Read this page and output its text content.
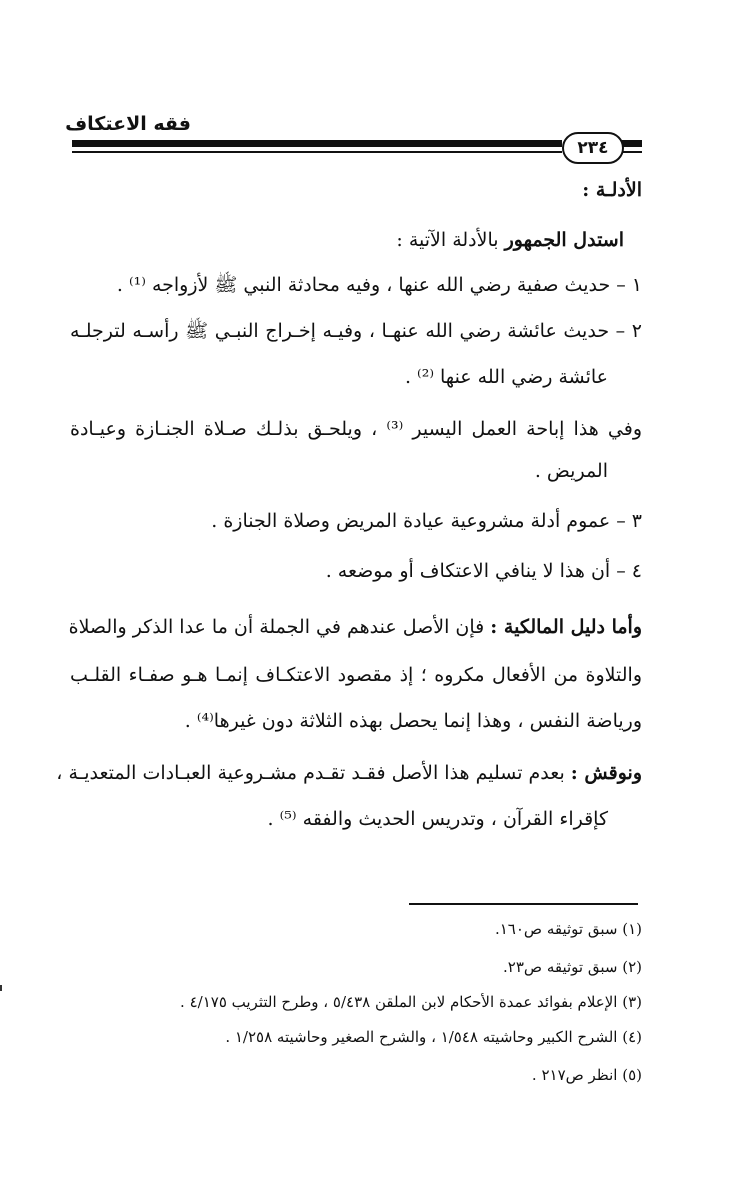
فقه الاعتكاف
٢٣٤
الأدلـة :
استدل الجمهور بالأدلة الآتية :
١ – حديث صفية رضي الله عنها ، وفيه محادثة النبي ﷺ لأزواجه ⁽¹⁾ .
٢ – حديث عائشة رضي الله عنهـا ، وفيـه إخـراج النبـي ﷺ رأسـه لترجلـه
عائشة رضي الله عنها ⁽²⁾ .
وفي هذا إباحة العمل اليسير ⁽³⁾ ، ويلحـق بذلـك صـلاة الجنـازة وعيـادة
المريض .
٣ – عموم أدلة مشروعية عيادة المريض وصلاة الجنازة .
٤ – أن هذا لا ينافي الاعتكاف أو موضعه .
وأما دليل المالكية : فإن الأصل عندهم في الجملة أن ما عدا الذكر والصلاة
والتلاوة من الأفعال مكروه ؛ إذ مقصود الاعتكـاف إنمـا هـو صفـاء القلـب
ورياضة النفس ، وهذا إنما يحصل بهذه الثلاثة دون غيرها⁽⁴⁾ .
ونوقش : بعدم تسليم هذا الأصل فقـد تقـدم مشـروعية العبـادات المتعديـة ،
كإقراء القرآن ، وتدريس الحديث والفقه ⁽⁵⁾ .
(١) سبق توثيقه ص١٦٠.
(٢) سبق توثيقه ص٢٣.
(٣) الإعلام بفوائد عمدة الأحكام لابن الملقن ٥/٤٣٨ ، وطرح التثريب ٤/١٧٥ .
(٤) الشرح الكبير وحاشيته ١/٥٤٨ ، والشرح الصغير وحاشيته ١/٢٥٨ .
(٥) انظر ص٢١٧ .
